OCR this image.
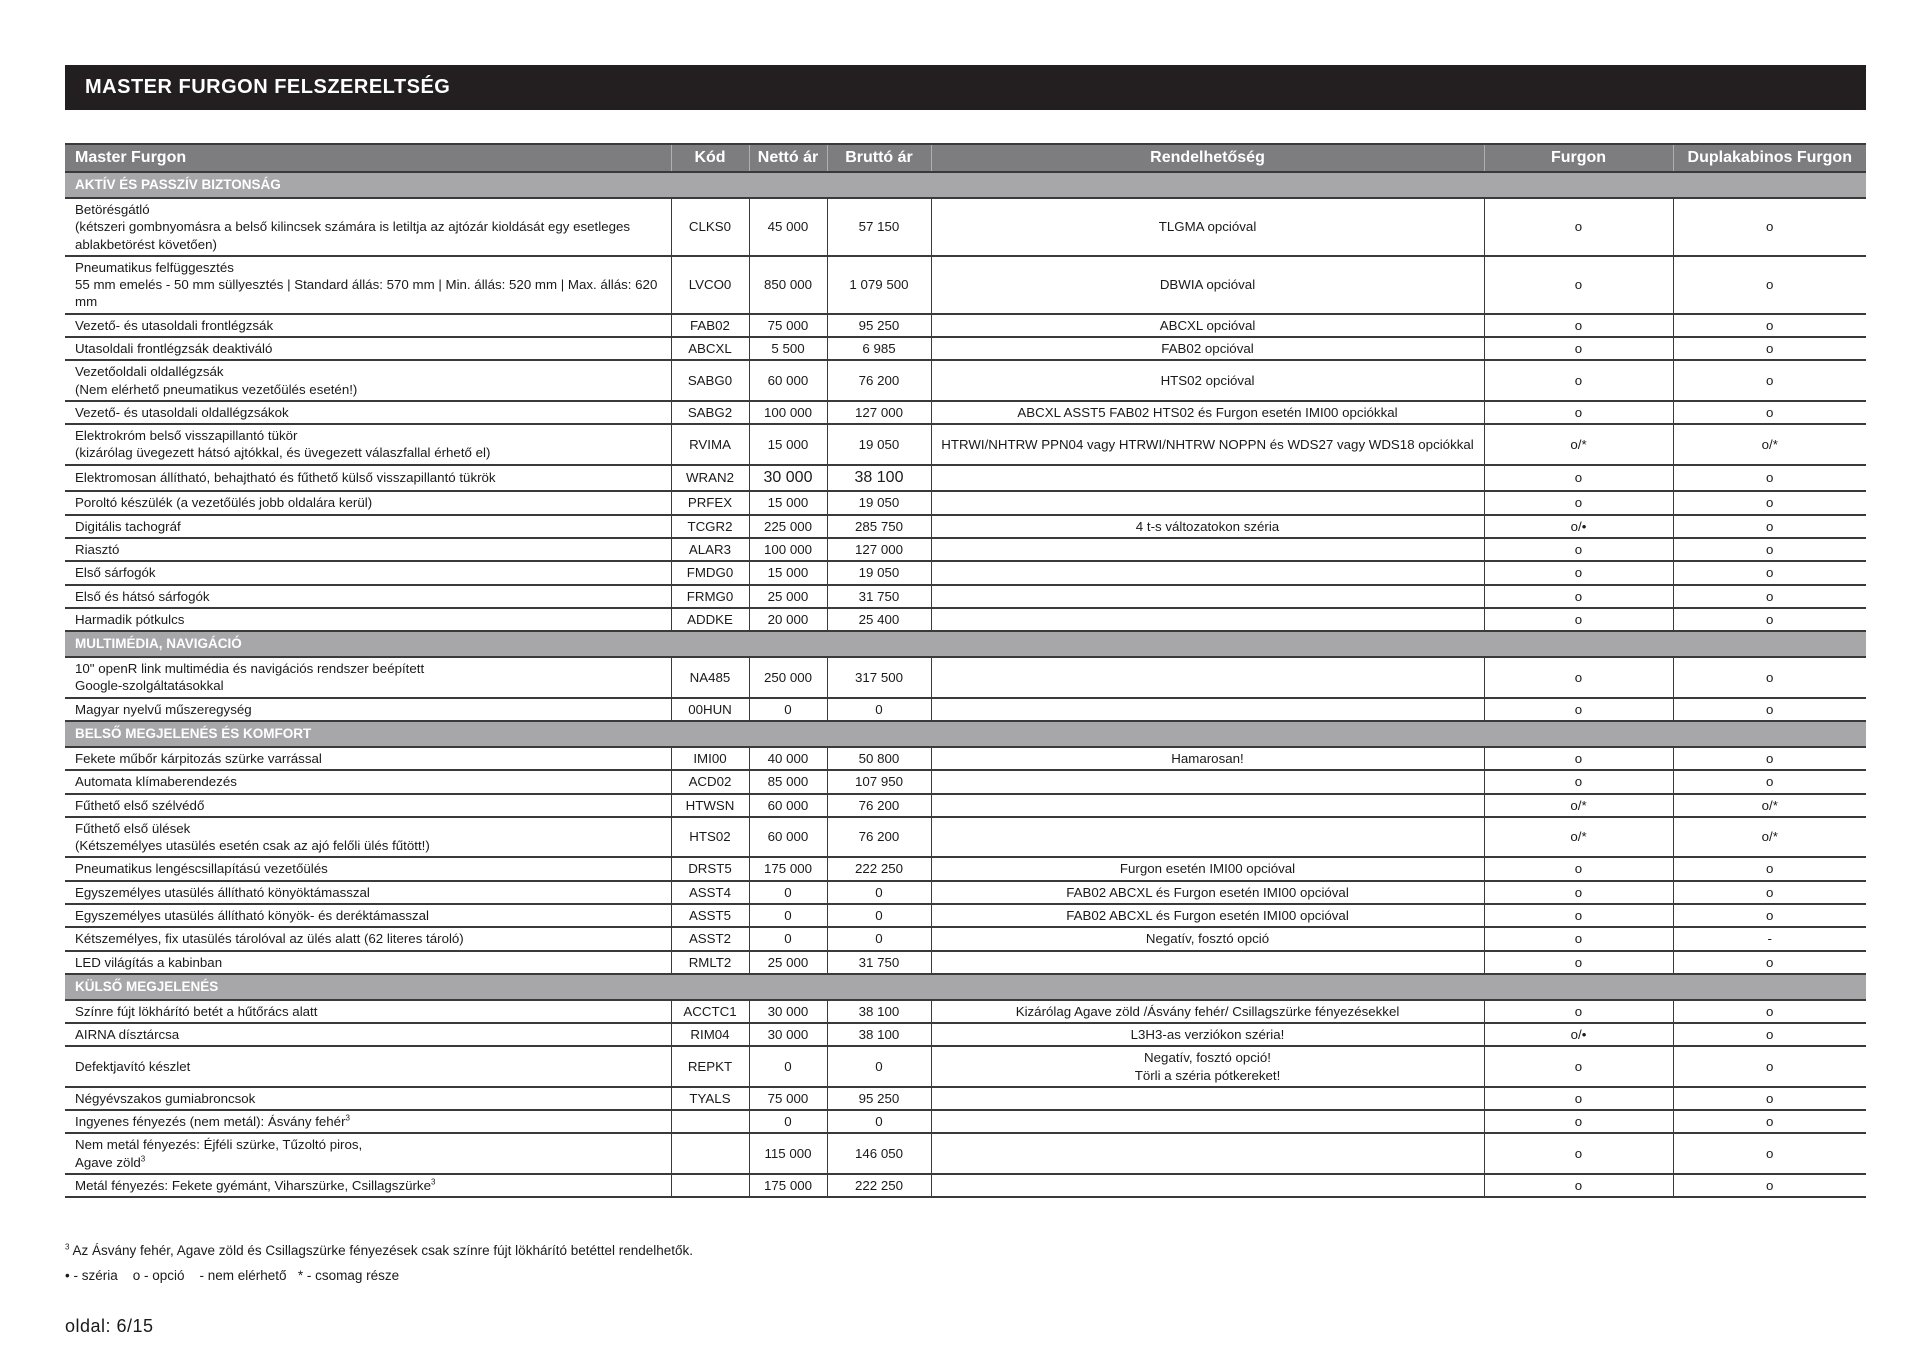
MASTER FURGON FELSZERELTSÉG
Master Furgon	Kód	Nettó ár	Bruttó ár	Rendelhetőség	Furgon	Duplakabinos Furgon
AKTÍV ÉS PASSZÍV BIZTONSÁG						
Betörésgátló
(kétszeri gombnyomásra a belső kilincsek számára is letiltja az ajtózár kioldását egy esetleges ablakbetörést követően)	CLKS0	45 000	57 150	TLGMA opcióval	o	o
Pneumatikus felfüggesztés
55 mm emelés - 50 mm süllyesztés | Standard állás: 570 mm | Min. állás: 520 mm | Max. állás: 620 mm	LVCO0	850 000	1 079 500	DBWIA opcióval	o	o
Vezető- és utasoldali frontlégzsák	FAB02	75 000	95 250	ABCXL opcióval	o	o
Utasoldali frontlégzsák deaktiváló	ABCXL	5 500	6 985	FAB02 opcióval	o	o
Vezetőoldali oldallégzsák
(Nem elérhető pneumatikus vezetőülés esetén!)	SABG0	60 000	76 200	HTS02 opcióval	o	o
Vezető- és utasoldali oldallégzsákok	SABG2	100 000	127 000	ABCXL ASST5 FAB02 HTS02 és Furgon esetén IMI00 opciókkal	o	o
Elektrokróm belső visszapillantó tükör
(kizárólag üvegezett hátsó ajtókkal, és üvegezett válaszfallal érhető el)	RVIMA	15 000	19 050	HTRWI/NHTRW PPN04 vagy HTRWI/NHTRW NOPPN és WDS27 vagy WDS18 opciókkal	o/*	o/*
Elektromosan állítható, behajtható és fűthető külső visszapillantó tükrök	WRAN2	30 000	38 100		o	o
Poroltó készülék (a vezetőülés jobb oldalára kerül)	PRFEX	15 000	19 050		o	o
Digitális tachográf	TCGR2	225 000	285 750	4 t-s változatokon széria	o/•	o
Riasztó	ALAR3	100 000	127 000		o	o
Első sárfogók	FMDG0	15 000	19 050		o	o
Első és hátsó sárfogók	FRMG0	25 000	31 750		o	o
Harmadik pótkulcs	ADDKE	20 000	25 400		o	o
MULTIMÉDIA, NAVIGÁCIÓ						
10" openR link multimédia és navigációs rendszer beépített
Google-szolgáltatásokkal	NA485	250 000	317 500		o	o
Magyar nyelvű műszeregység	00HUN	0	0		o	o
BELSŐ MEGJELENÉS ÉS KOMFORT						
Fekete műbőr kárpitozás szürke varrással	IMI00	40 000	50 800	Hamarosan!	o	o
Automata klímaberendezés	ACD02	85 000	107 950		o	o
Fűthető első szélvédő	HTWSN	60 000	76 200		o/*	o/*
Fűthető első ülések
(Kétszemélyes utasülés esetén csak az ajó felőli ülés fűtött!)	HTS02	60 000	76 200		o/*	o/*
Pneumatikus lengéscsillapítású vezetőülés	DRST5	175 000	222 250	Furgon esetén IMI00 opcióval	o	o
Egyszemélyes utasülés állítható könyöktámasszal	ASST4	0	0	FAB02 ABCXL és Furgon esetén IMI00 opcióval	o	o
Egyszemélyes utasülés állítható könyök- és deréktámasszal	ASST5	0	0	FAB02 ABCXL és Furgon esetén IMI00 opcióval	o	o
Kétszemélyes, fix utasülés tárolóval az ülés alatt (62 literes tároló)	ASST2	0	0	Negatív, fosztó opció	o	-
LED világítás a kabinban	RMLT2	25 000	31 750		o	o
KÜLSŐ MEGJELENÉS						
Színre fújt lökhárító betét a hűtőrács alatt	ACCTC1	30 000	38 100	Kizárólag Agave zöld /Ásvány fehér/ Csillagszürke fényezésekkel	o	o
AIRNA dísztárcsa	RIM04	30 000	38 100	L3H3-as verziókon széria!	o/•	o
Defektjavító készlet	REPKT	0	0	Negatív, fosztó opció!
Törli a széria pótkereket!	o	o
Négyévszakos gumiabroncsok	TYALS	75 000	95 250		o	o
Ingyenes fényezés (nem metál): Ásvány fehér$^3$		0	0		o	o
Nem metál fényezés: Éjféli szürke, Tűzoltó piros,
Agave zöld$^3$		115 000	146 050		o	o
Metál fényezés: Fekete gyémánt, Viharszürke, Csillagszürke$^3$		175 000	222 250		o	o
$^3$ Az Ásvány fehér, Agave zöld és Csillagszürke fényezések csak színre fújt lökhárító betéttel rendelhetők.
• - széria    o - opció    - nem elérhető   * - csomag része
oldal: 6/15
